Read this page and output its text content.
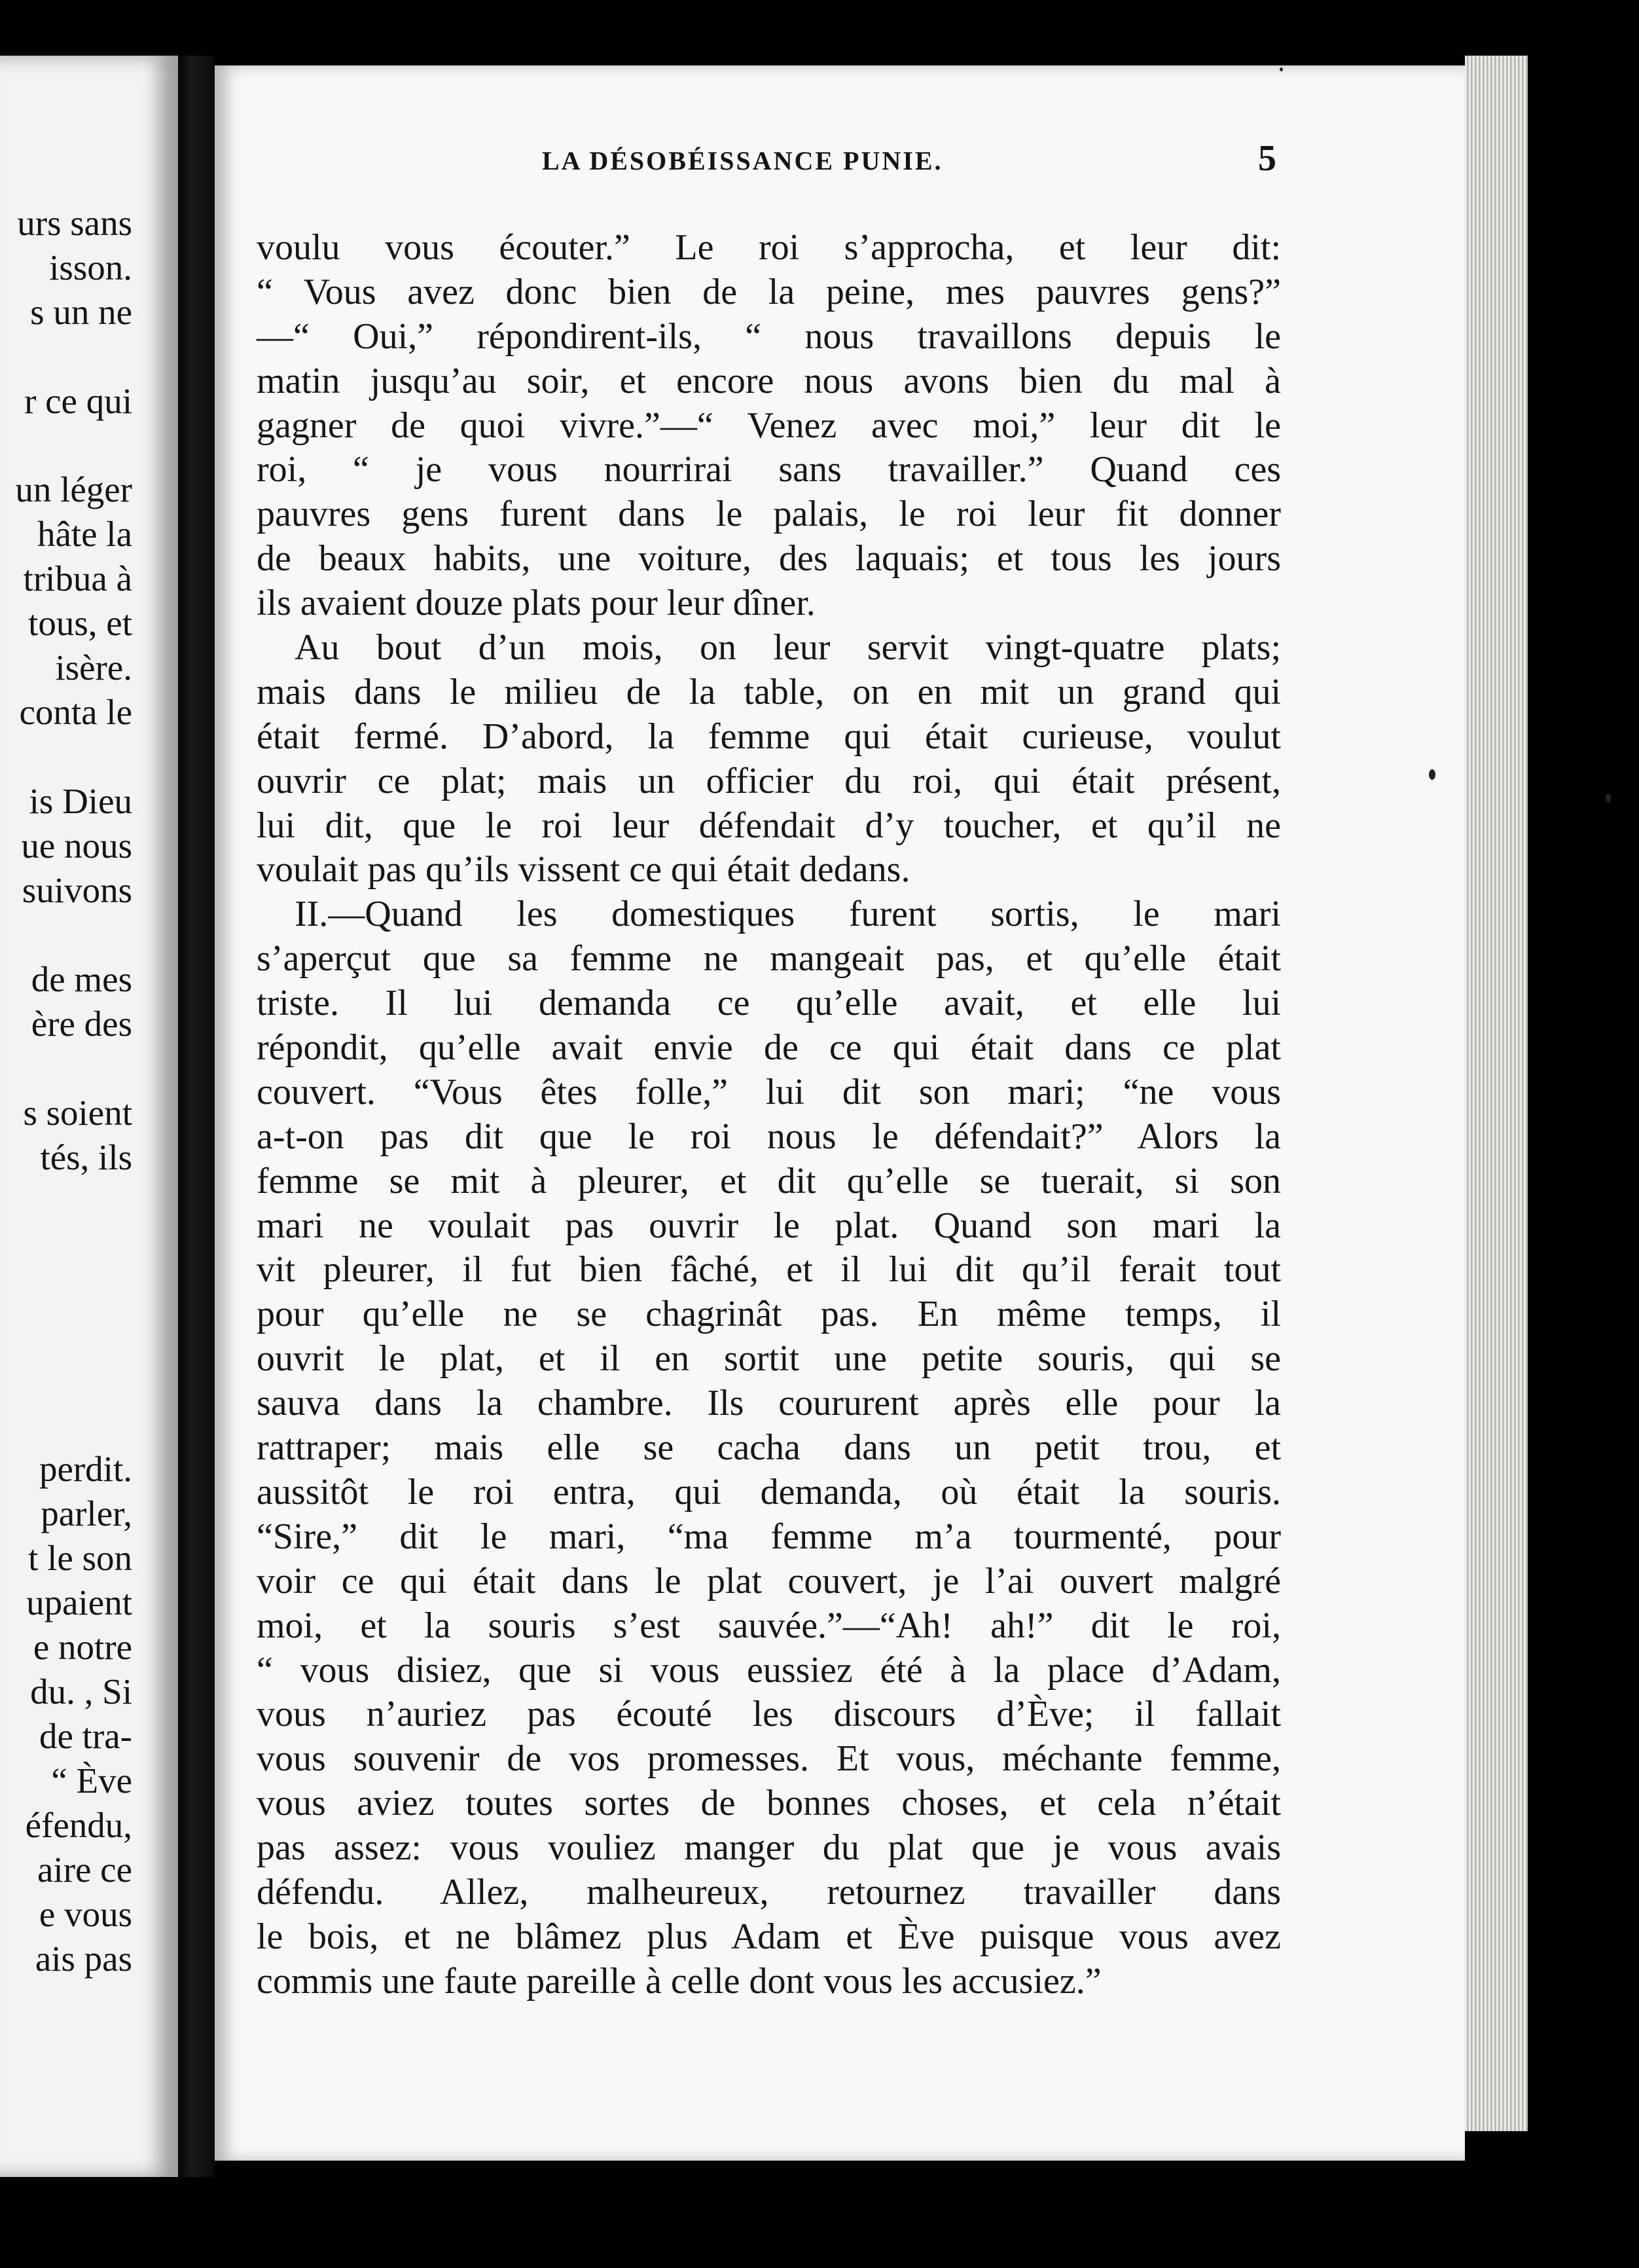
urs sans
isson.
s un ne
r ce qui
un léger
hâte la
tribua à
tous, et
isère.
conta le
is Dieu
ue nous
suivons
de mes
ère des
s soient
tés, ils
perdit.
parler,
t le son
upaient
e notre
du. , Si
de tra-
“ Ève
éfendu,
aire ce
e vous
ais pas
LA DÉSOBÉISSANCE PUNIE.	5
voulu vous écouter.” Le roi s’approcha, et leur dit:
“ Vous avez donc bien de la peine, mes pauvres gens?”
—“ Oui,” répondirent-ils, “ nous travaillons depuis le
matin jusqu’au soir, et encore nous avons bien du mal à
gagner de quoi vivre.”—“ Venez avec moi,” leur dit le
roi, “ je vous nourrirai sans travailler.” Quand ces
pauvres gens furent dans le palais, le roi leur fit donner
de beaux habits, une voiture, des laquais; et tous les jours
ils avaient douze plats pour leur dîner.
Au bout d’un mois, on leur servit vingt-quatre plats;
mais dans le milieu de la table, on en mit un grand qui
était fermé. D’abord, la femme qui était curieuse, voulut
ouvrir ce plat; mais un officier du roi, qui était présent,
lui dit, que le roi leur défendait d’y toucher, et qu’il ne
voulait pas qu’ils vissent ce qui était dedans.
II.—Quand les domestiques furent sortis, le mari
s’aperçut que sa femme ne mangeait pas, et qu’elle était
triste. Il lui demanda ce qu’elle avait, et elle lui
répondit, qu’elle avait envie de ce qui était dans ce plat
couvert. “Vous êtes folle,” lui dit son mari; “ne vous
a-t-on pas dit que le roi nous le défendait?” Alors la
femme se mit à pleurer, et dit qu’elle se tuerait, si son
mari ne voulait pas ouvrir le plat. Quand son mari la
vit pleurer, il fut bien fâché, et il lui dit qu’il ferait tout
pour qu’elle ne se chagrinât pas. En même temps, il
ouvrit le plat, et il en sortit une petite souris, qui se
sauva dans la chambre. Ils coururent après elle pour la
rattraper; mais elle se cacha dans un petit trou, et
aussitôt le roi entra, qui demanda, où était la souris.
“Sire,” dit le mari, “ma femme m’a tourmenté, pour
voir ce qui était dans le plat couvert, je l’ai ouvert malgré
moi, et la souris s’est sauvée.”—“Ah! ah!” dit le roi,
“ vous disiez, que si vous eussiez été à la place d’Adam,
vous n’auriez pas écouté les discours d’Ève; il fallait
vous souvenir de vos promesses. Et vous, méchante femme,
vous aviez toutes sortes de bonnes choses, et cela n’était
pas assez: vous vouliez manger du plat que je vous avais
défendu. Allez, malheureux, retournez travailler dans
le bois, et ne blâmez plus Adam et Ève puisque vous avez
commis une faute pareille à celle dont vous les accusiez.”
